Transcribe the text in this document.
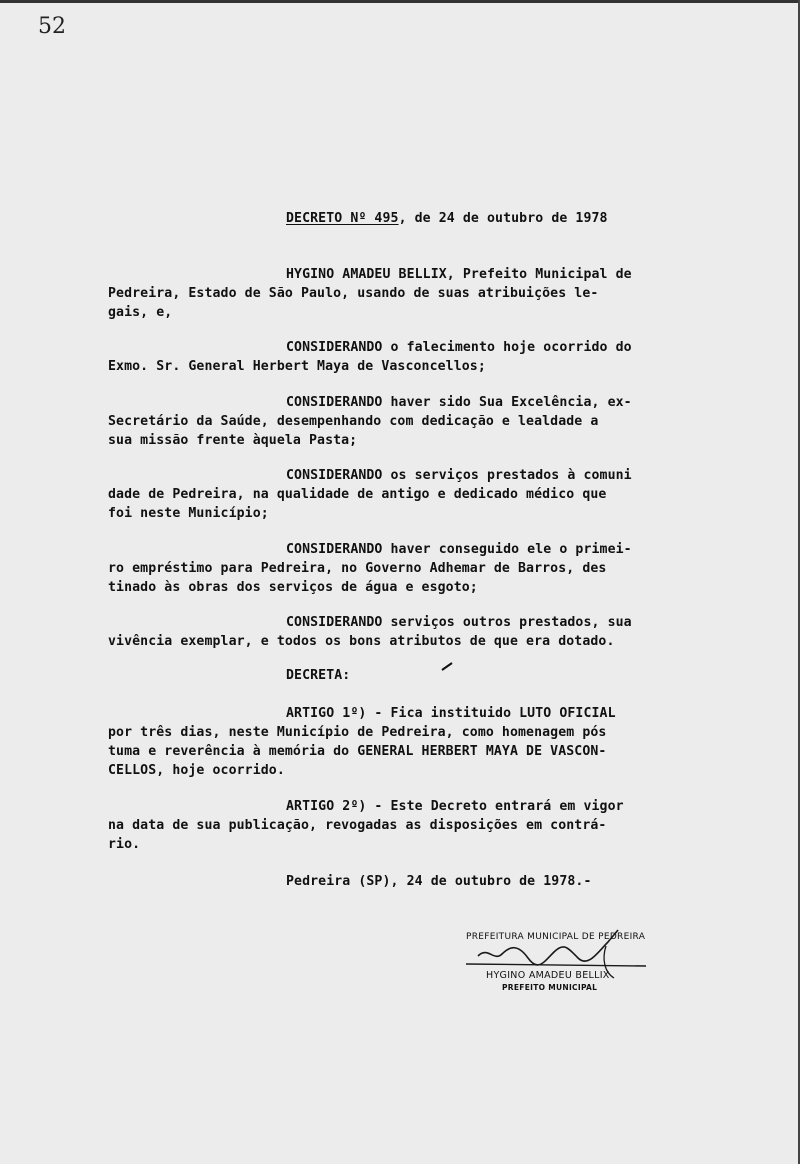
52
DECRETO Nº 495, de 24 de outubro de 1978
HYGINO AMADEU BELLIX, Prefeito Municipal de
Pedreira, Estado de São Paulo, usando de suas atribuições le-
gais, e,
CONSIDERANDO o falecimento hoje ocorrido do
Exmo. Sr. General Herbert Maya de Vasconcellos;
CONSIDERANDO haver sido Sua Excelência, ex-
Secretário da Saúde, desempenhando com dedicação e lealdade a
sua missão frente àquela Pasta;
CONSIDERANDO os serviços prestados à comuni
dade de Pedreira, na qualidade de antigo e dedicado médico que
foi neste Município;
CONSIDERANDO haver conseguido ele o primei-
ro empréstimo para Pedreira, no Governo Adhemar de Barros, des
tinado às obras dos serviços de água e esgoto;
CONSIDERANDO serviços outros prestados, sua
vivência exemplar, e todos os bons atributos de que era dotado.
DECRETA:
ARTIGO 1º) - Fica instituido LUTO OFICIAL
por três dias, neste Município de Pedreira, como homenagem pós
tuma e reverência à memória do GENERAL HERBERT MAYA DE VASCON-
CELLOS, hoje ocorrido.
ARTIGO 2º) - Este Decreto entrará em vigor
na data de sua publicação, revogadas as disposições em contrá-
rio.
Pedreira (SP), 24 de outubro de 1978.-
PREFEITURA MUNICIPAL DE PEDREIRA
HYGINO AMADEU BELLIX
PREFEITO MUNICIPAL
